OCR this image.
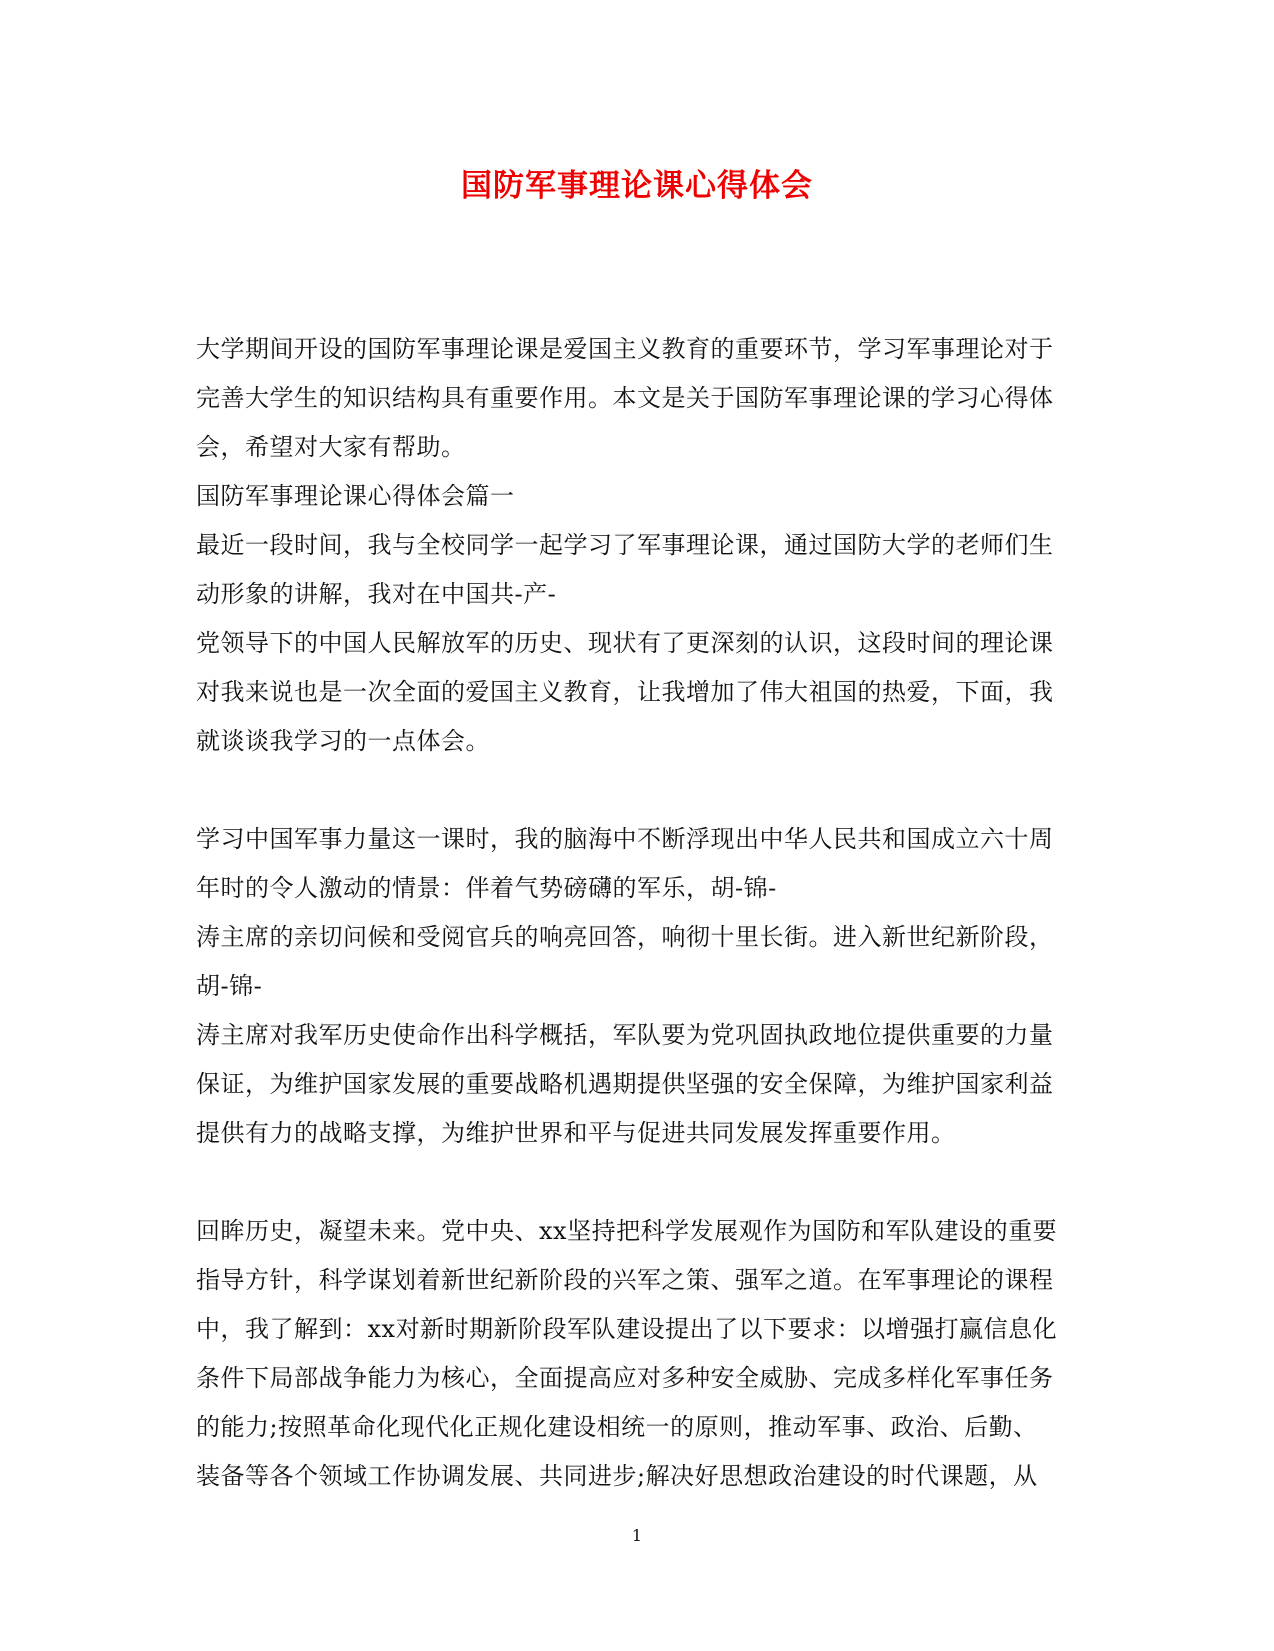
国防军事理论课心得体会
大学期间开设的国防军事理论课是爱国主义教育的重要环节，学习军事理论对于
完善大学生的知识结构具有重要作用。本文是关于国防军事理论课的学习心得体
会，希望对大家有帮助。
国防军事理论课心得体会篇一
最近一段时间，我与全校同学一起学习了军事理论课，通过国防大学的老师们生
动形象的讲解，我对在中国共-产-
党领导下的中国人民解放军的历史、现状有了更深刻的认识，这段时间的理论课
对我来说也是一次全面的爱国主义教育，让我增加了伟大祖国的热爱，下面，我
就谈谈我学习的一点体会。
学习中国军事力量这一课时，我的脑海中不断浮现出中华人民共和国成立六十周
年时的令人激动的情景：伴着气势磅礴的军乐，胡-锦-
涛主席的亲切问候和受阅官兵的响亮回答，响彻十里长街。进入新世纪新阶段，
胡-锦-
涛主席对我军历史使命作出科学概括，军队要为党巩固执政地位提供重要的力量
保证，为维护国家发展的重要战略机遇期提供坚强的安全保障，为维护国家利益
提供有力的战略支撑，为维护世界和平与促进共同发展发挥重要作用。
回眸历史，凝望未来。党中央、xx坚持把科学发展观作为国防和军队建设的重要
指导方针，科学谋划着新世纪新阶段的兴军之策、强军之道。在军事理论的课程
中，我了解到：xx对新时期新阶段军队建设提出了以下要求：以增强打赢信息化
条件下局部战争能力为核心，全面提高应对多种安全威胁、完成多样化军事任务
的能力;按照革命化现代化正规化建设相统一的原则，推动军事、政治、后勤、
装备等各个领域工作协调发展、共同进步;解决好思想政治建设的时代课题，从
1
